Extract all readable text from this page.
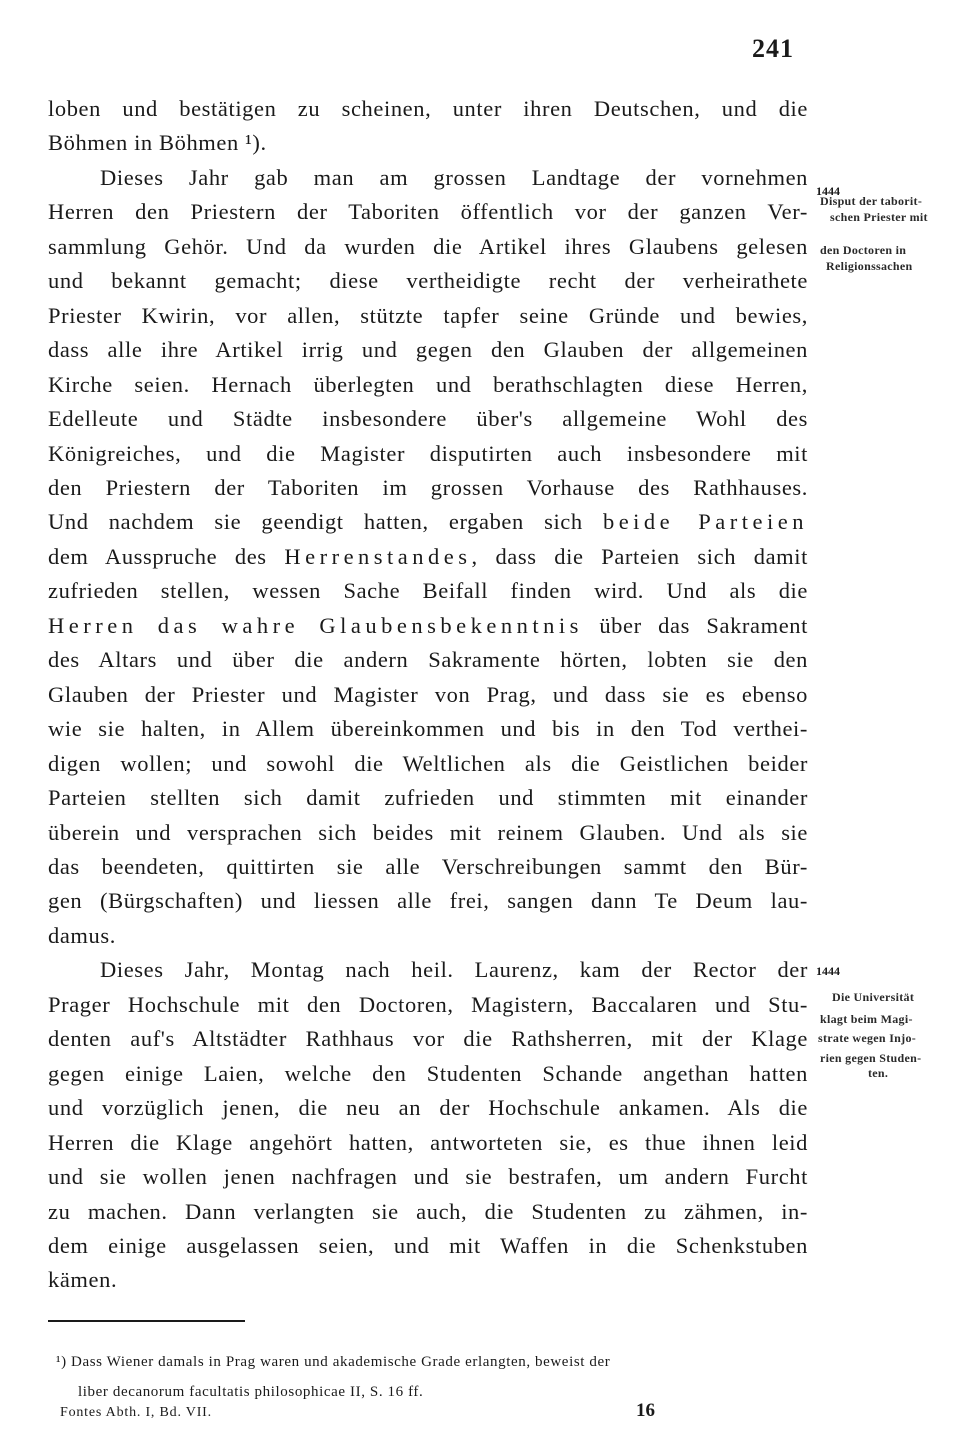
241
loben und bestätigen zu scheinen, unter ihren Deutschen, und die
Böhmen in Böhmen ¹).
Dieses Jahr gab man am grossen Landtage der vornehmen
Herren den Priestern der Taboriten öffentlich vor der ganzen Ver-
sammlung Gehör. Und da wurden die Artikel ihres Glaubens gelesen
und bekannt gemacht; diese vertheidigte recht der verheirathete
Priester Kwirin, vor allen, stützte tapfer seine Gründe und bewies,
dass alle ihre Artikel irrig und gegen den Glauben der allgemeinen
Kirche seien. Hernach überlegten und berathschlagten diese Herren,
Edelleute und Städte insbesondere über's allgemeine Wohl des
Königreiches, und die Magister disputirten auch insbesondere mit
den Priestern der Taboriten im grossen Vorhause des Rathhauses.
Und nachdem sie geendigt hatten, ergaben sich beide Parteien
dem Ausspruche des Herrenstandes, dass die Parteien sich damit
zufrieden stellen, wessen Sache Beifall finden wird. Und als die
Herren das wahre Glaubensbekenntnis über das Sakrament
des Altars und über die andern Sakramente hörten, lobten sie den
Glauben der Priester und Magister von Prag, und dass sie es ebenso
wie sie halten, in Allem übereinkommen und bis in den Tod verthei-
digen wollen; und sowohl die Weltlichen als die Geistlichen beider
Parteien stellten sich damit zufrieden und stimmten mit einander
überein und versprachen sich beides mit reinem Glauben. Und als sie
das beendeten, quittirten sie alle Verschreibungen sammt den Bür-
gen (Bürgschaften) und liessen alle frei, sangen dann Te Deum lau-
damus.
Dieses Jahr, Montag nach heil. Laurenz, kam der Rector der
Prager Hochschule mit den Doctoren, Magistern, Baccalaren und Stu-
denten auf's Altstädter Rathhaus vor die Rathsherren, mit der Klage
gegen einige Laien, welche den Studenten Schande angethan hatten
und vorzüglich jenen, die neu an der Hochschule ankamen. Als die
Herren die Klage angehört hatten, antworteten sie, es thue ihnen leid
und sie wollen jenen nachfragen und sie bestrafen, um andern Furcht
zu machen. Dann verlangten sie auch, die Studenten zu zähmen, in-
dem einige ausgelassen seien, und mit Waffen in die Schenkstuben
kämen.
1444
Disput der taborit-
schen Priester mit
den Doctoren in
Religionssachen
1444
Die Universität
klagt beim Magi-
strate wegen Injo-
rien gegen Studen-
ten.
¹) Dass Wiener damals in Prag waren und akademische Grade erlangten, beweist der
liber decanorum facultatis philosophicae II, S. 16 ff.
Fontes Abth. I, Bd. VII.	16
